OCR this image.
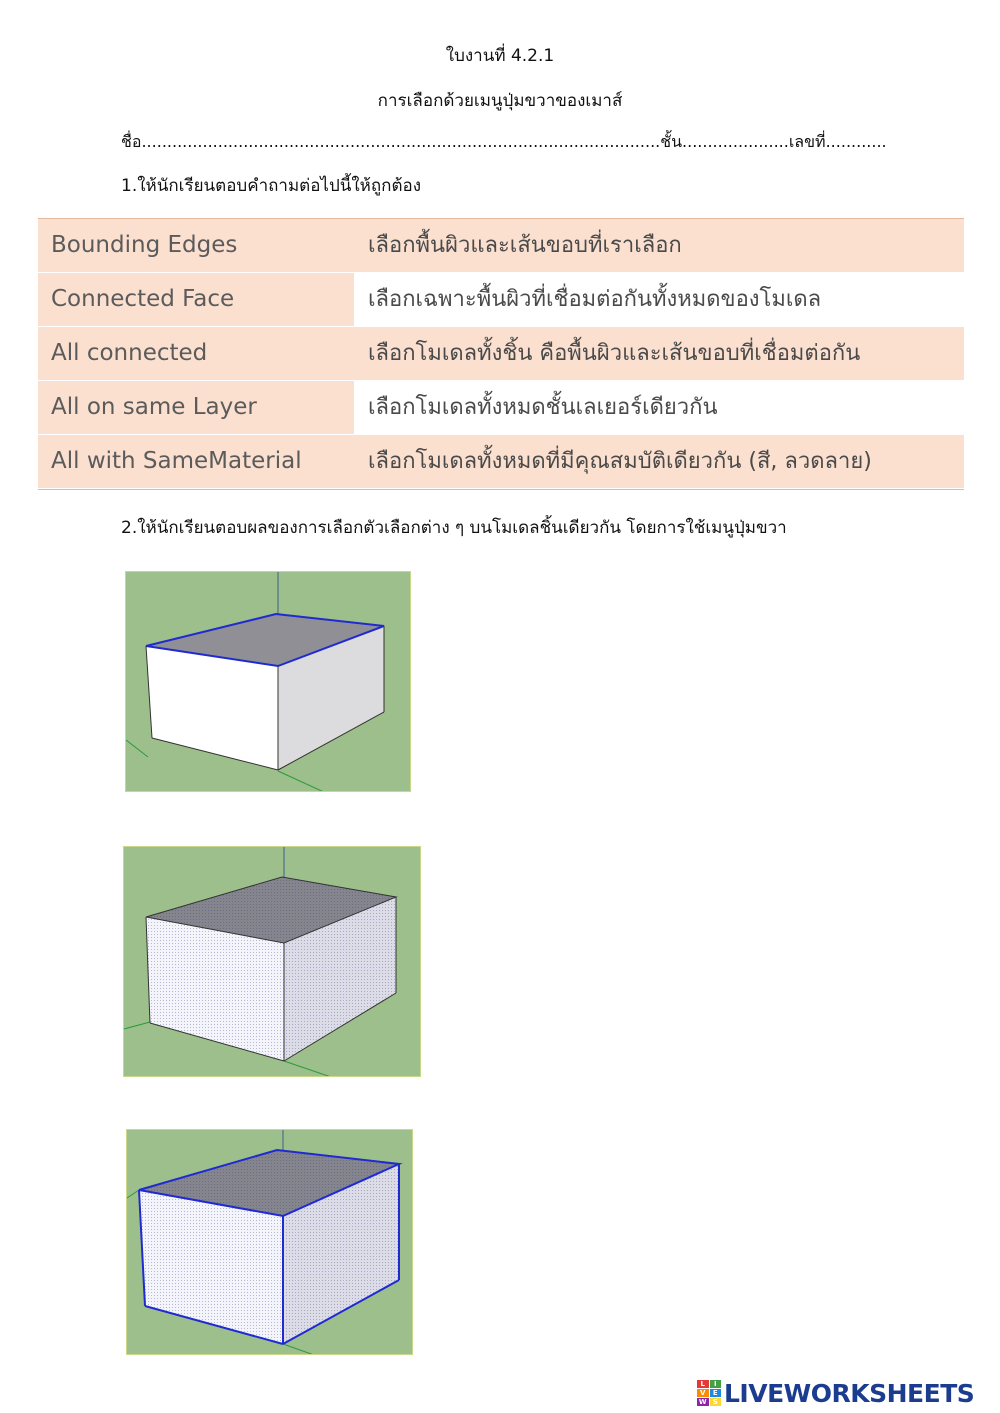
ใบงานที่ 4.2.1
การเลือกด้วยเมนูปุ่มขวาของเมาส์
ชื่อ......................................................................................................ชั้น.....................เลขที่............
1.ให้นักเรียนตอบคำถามต่อไปนี้ให้ถูกต้อง
Bounding Edges	เลือกพื้นผิวและเส้นขอบที่เราเลือก
Connected Face	เลือกเฉพาะพื้นผิวที่เชื่อมต่อกันทั้งหมดของโมเดล
All connected	เลือกโมเดลทั้งชิ้น คือพื้นผิวและเส้นขอบที่เชื่อมต่อกัน
All on same Layer	เลือกโมเดลทั้งหมดชั้นเลเยอร์เดียวกัน
All with SameMaterial	เลือกโมเดลทั้งหมดที่มีคุณสมบัติเดียวกัน (สี, ลวดลาย)
2.ให้นักเรียนตอบผลของการเลือกตัวเลือกต่าง ๆ บนโมเดลชิ้นเดียวกัน โดยการใช้เมนูปุ่มขวา
L	I
V	E
W S LIVEWORKSHEETS
